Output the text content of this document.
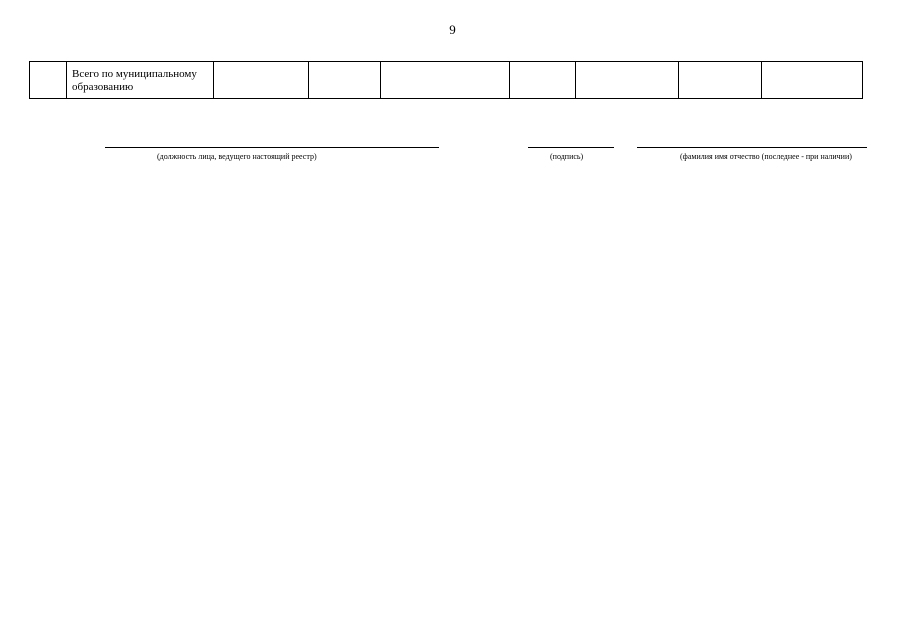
9
	Всего по муниципальному образованию							
(должность лица, ведущего настоящий реестр)	(подпись)	(фамилия имя отчество (последнее - при наличии)
